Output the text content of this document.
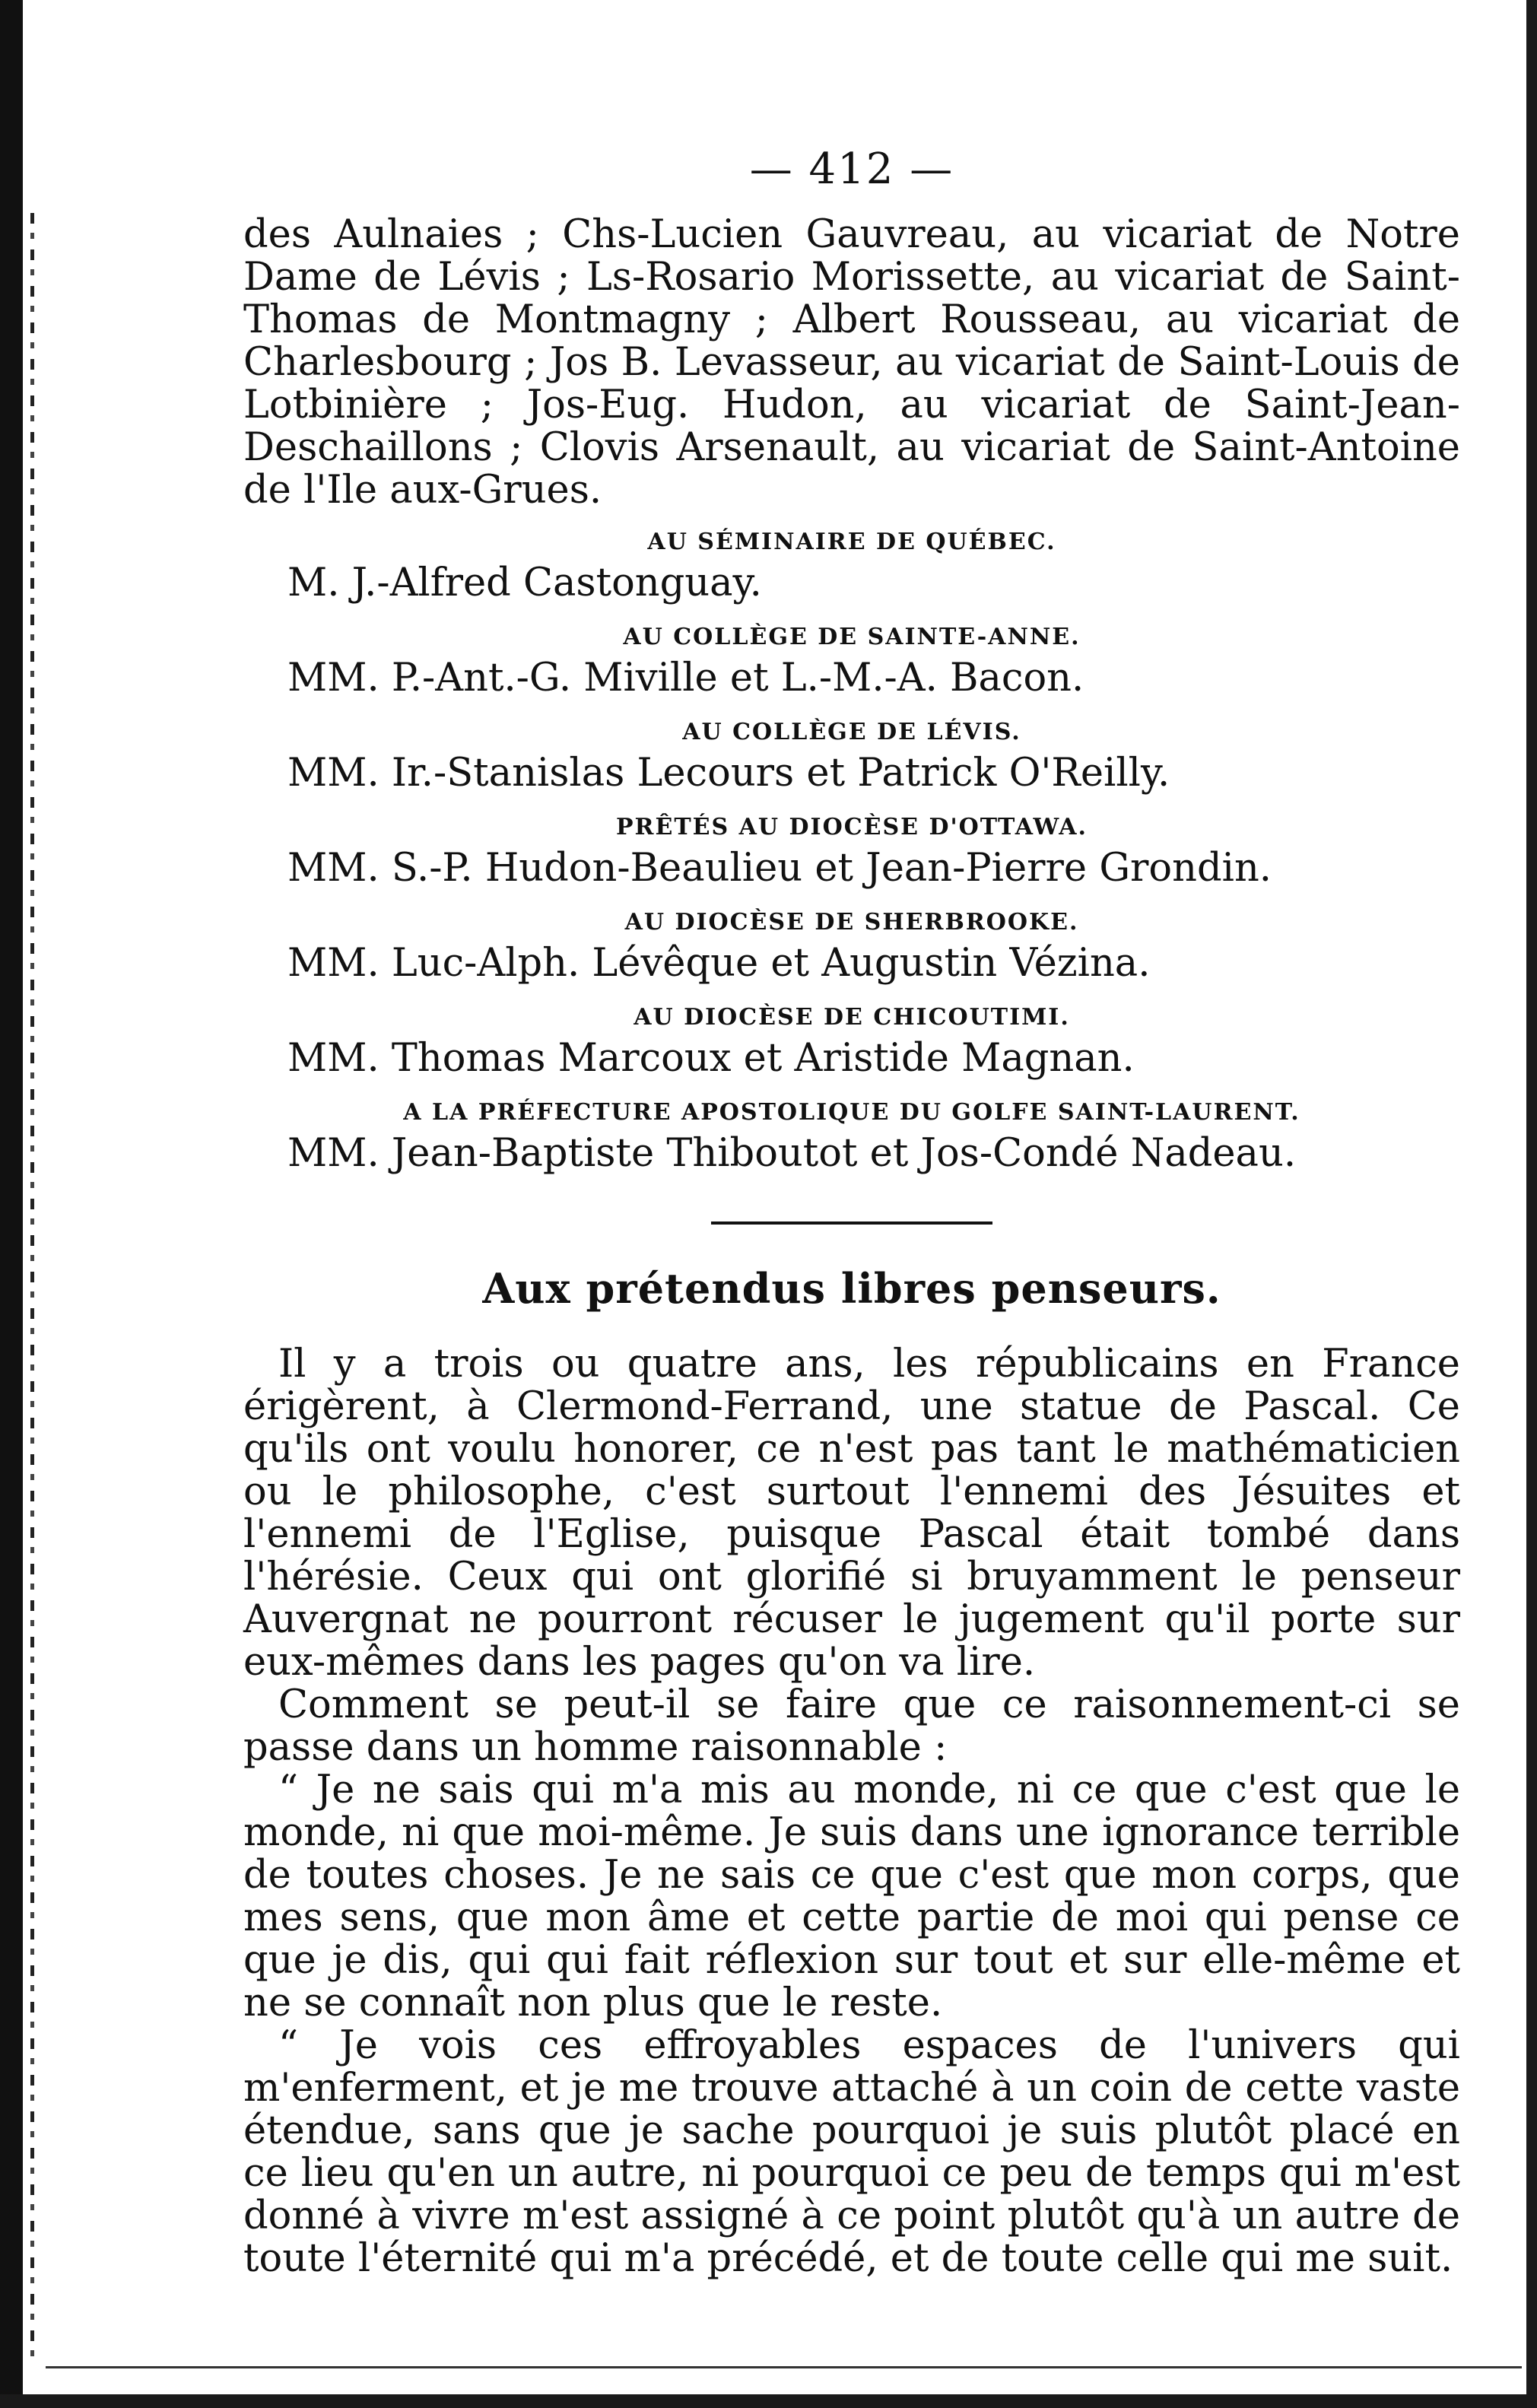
— 412 —

des Aulnaies ; Chs-Lucien Gauvreau, au vicariat de Notre Dame de Lévis ; Ls-Rosario Morissette, au vicariat de Saint-Thomas de Montmagny ; Albert Rousseau, au vicariat de Charlesbourg ; Jos B. Levasseur, au vicariat de Saint-Louis de Lotbinière ; Jos-Eug. Hudon, au vicariat de Saint-Jean-Deschaillons ; Clovis Arsenault, au vicariat de Saint-Antoine de l'Ile aux-Grues.

AU SÉMINAIRE DE QUÉBEC.
M. J.-Alfred Castonguay.
AU COLLÈGE DE SAINTE-ANNE.
MM. P.-Ant.-G. Miville et L.-M.-A. Bacon.
AU COLLÈGE DE LÉVIS.
MM. Ir.-Stanislas Lecours et Patrick O'Reilly.
PRÊTÉS AU DIOCÈSE D'OTTAWA.
MM. S.-P. Hudon-Beaulieu et Jean-Pierre Grondin.
AU DIOCÈSE DE SHERBROOKE.
MM. Luc-Alph. Lévêque et Augustin Vézina.
AU DIOCÈSE DE CHICOUTIMI.
MM. Thomas Marcoux et Aristide Magnan.
A LA PRÉFECTURE APOSTOLIQUE DU GOLFE SAINT-LAURENT.
MM. Jean-Baptiste Thiboutot et Jos-Condé Nadeau.
Aux prétendus libres penseurs.

Il y a trois ou quatre ans, les républicains en France érigèrent, à Clermond-Ferrand, une statue de Pascal. Ce qu'ils ont voulu honorer, ce n'est pas tant le mathématicien ou le philosophe, c'est surtout l'ennemi des Jésuites et l'ennemi de l'Eglise, puisque Pascal était tombé dans l'hérésie. Ceux qui ont glorifié si bruyamment le penseur Auvergnat ne pourront récuser le jugement qu'il porte sur eux-mêmes dans les pages qu'on va lire.

Comment se peut-il se faire que ce raisonnement-ci se passe dans un homme raisonnable :

“ Je ne sais qui m'a mis au monde, ni ce que c'est que le monde, ni que moi-même. Je suis dans une ignorance terrible de toutes choses. Je ne sais ce que c'est que mon corps, que mes sens, que mon âme et cette partie de moi qui pense ce que je dis, qui qui fait réflexion sur tout et sur elle-même et ne se connaît non plus que le reste.

“ Je vois ces effroyables espaces de l'univers qui m'enferment, et je me trouve attaché à un coin de cette vaste étendue, sans que je sache pourquoi je suis plutôt placé en ce lieu qu'en un autre, ni pourquoi ce peu de temps qui m'est donné à vivre m'est assigné à ce point plutôt qu'à un autre de toute l'éternité qui m'a précédé, et de toute celle qui me suit.
